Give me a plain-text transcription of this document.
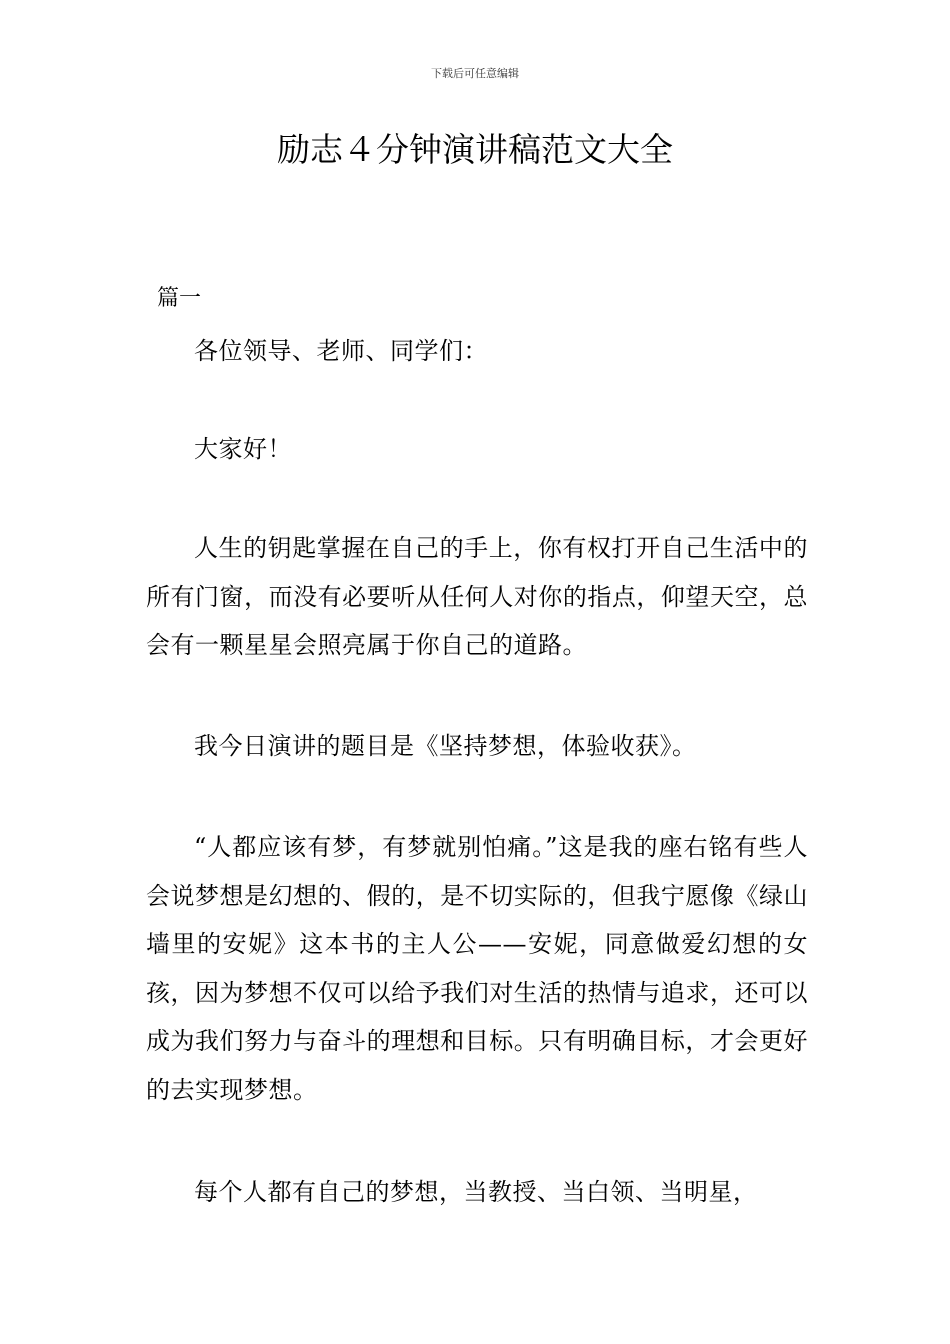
下载后可任意编辑
励志４分钟演讲稿范文大全
篇一

各位领导、老师、同学们：

大家好！

人生的钥匙掌握在自己的手上，你有权打开自己生活中的所有门窗，而没有必要听从任何人对你的指点，仰望天空，总会有一颗星星会照亮属于你自己的道路。

我今日演讲的题目是《坚持梦想，体验收获》。

“人都应该有梦，有梦就别怕痛。”这是我的座右铭有些人会说梦想是幻想的、假的，是不切实际的，但我宁愿像《绿山墙里的安妮》这本书的主人公——安妮，同意做爱幻想的女孩，因为梦想不仅可以给予我们对生活的热情与追求，还可以成为我们努力与奋斗的理想和目标。只有明确目标，才会更好的去实现梦想。

每个人都有自己的梦想，当教授、当白领、当明星，
